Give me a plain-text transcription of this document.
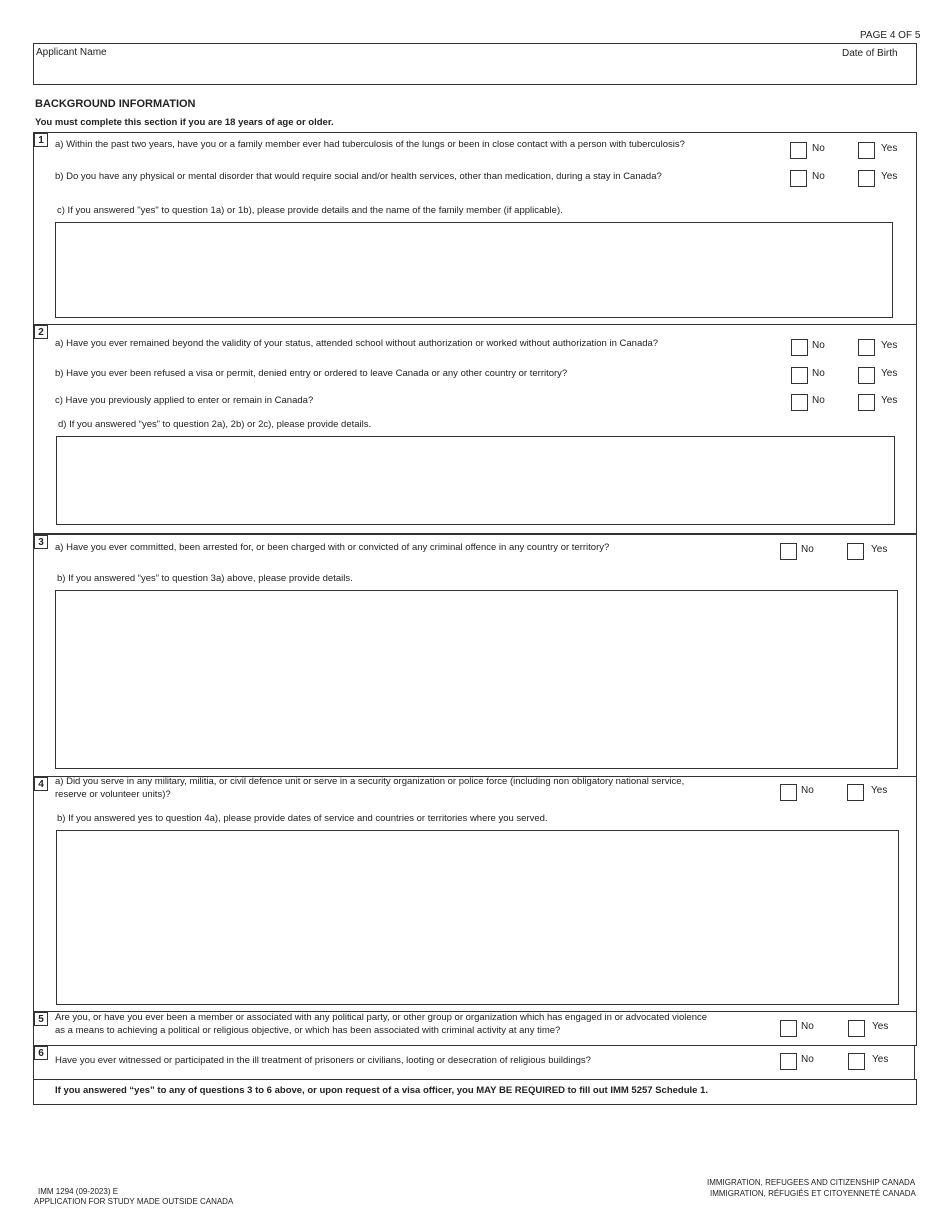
PAGE 4 OF 5
Applicant Name	Date of Birth
BACKGROUND INFORMATION
You must complete this section if you are 18 years of age or older.
1	a) Within the past two years, have you or a family member ever had tuberculosis of the lungs or been in close contact with a person with tuberculosis?	No	Yes
b) Do you have any physical or mental disorder that would require social and/or health services, other than medication, during a stay in Canada?	No	Yes
c) If you answered "yes" to question 1a) or 1b), please provide details and the name of the family member (if applicable).
2
a) Have you ever remained beyond the validity of your status, attended school without authorization or worked without authorization in Canada?	No	Yes
b) Have you ever been refused a visa or permit, denied entry or ordered to leave Canada or any other country or territory?	No	Yes
c) Have you previously applied to enter or remain in Canada?	No	Yes
d) If you answered “yes” to question 2a), 2b) or 2c), please provide details.
3	a) Have you ever committed, been arrested for, or been charged with or convicted of any criminal offence in any country or territory?	No	Yes
b) If you answered “yes” to question 3a) above, please provide details.
4	a) Did you serve in any military, militia, or civil defence unit or serve in a security organization or police force (including non obligatory national service,
reserve or volunteer units)?	No	Yes
b) If you answered yes to question 4a), please provide dates of service and countries or territories where you served.
5	Are you, or have you ever been a member or associated with any political party, or other group or organization which has engaged in or advocated violence
as a means to achieving a political or religious objective, or which has been associated with criminal activity at any time?	No	Yes
6
Have you ever witnessed or participated in the ill treatment of prisoners or civilians, looting or desecration of religious buildings?	No	Yes
If you answered “yes” to any of questions 3 to 6 above, or upon request of a visa officer, you MAY BE REQUIRED to fill out IMM 5257 Schedule 1.
IMM 1294 (09-2023) E
APPLICATION FOR STUDY MADE OUTSIDE CANADA
IMMIGRATION, REFUGEES AND CITIZENSHIP CANADA
IMMIGRATION, RÉFUGIÉS ET CITOYENNETÉ CANADA
